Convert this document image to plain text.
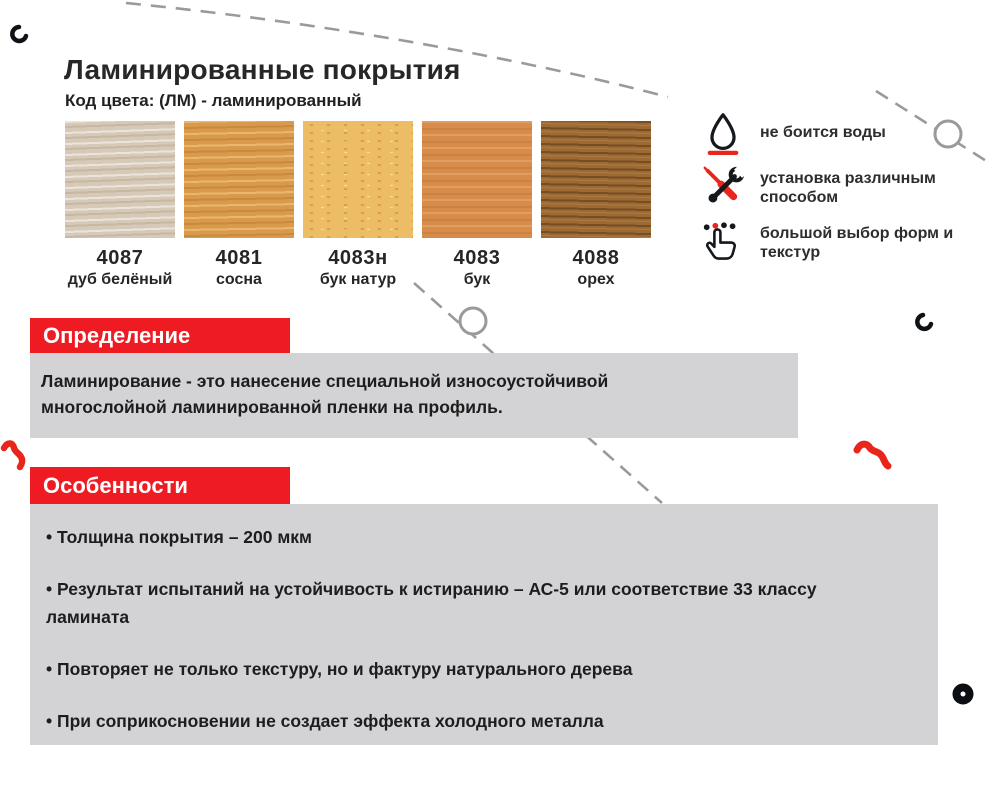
Ламинированные покрытия
Код цвета: (ЛМ) - ламинированный
4087
дуб белёный
4081
сосна
4083н
бук натур
4083
бук
4088
орех
не боится воды
установка различным способом
большой выбор форм и текстур
Определение
Ламинирование - это нанесение специальной износоустойчивой многослойной ламинированной пленки на профиль.
Особенности
• Толщина покрытия – 200 мкм
• Результат испытаний на устойчивость к истиранию – АС-5 или соответствие 33 классу ламината
• Повторяет не только текстуру, но и фактуру натурального дерева
• При соприкосновении не создает эффекта холодного металла
